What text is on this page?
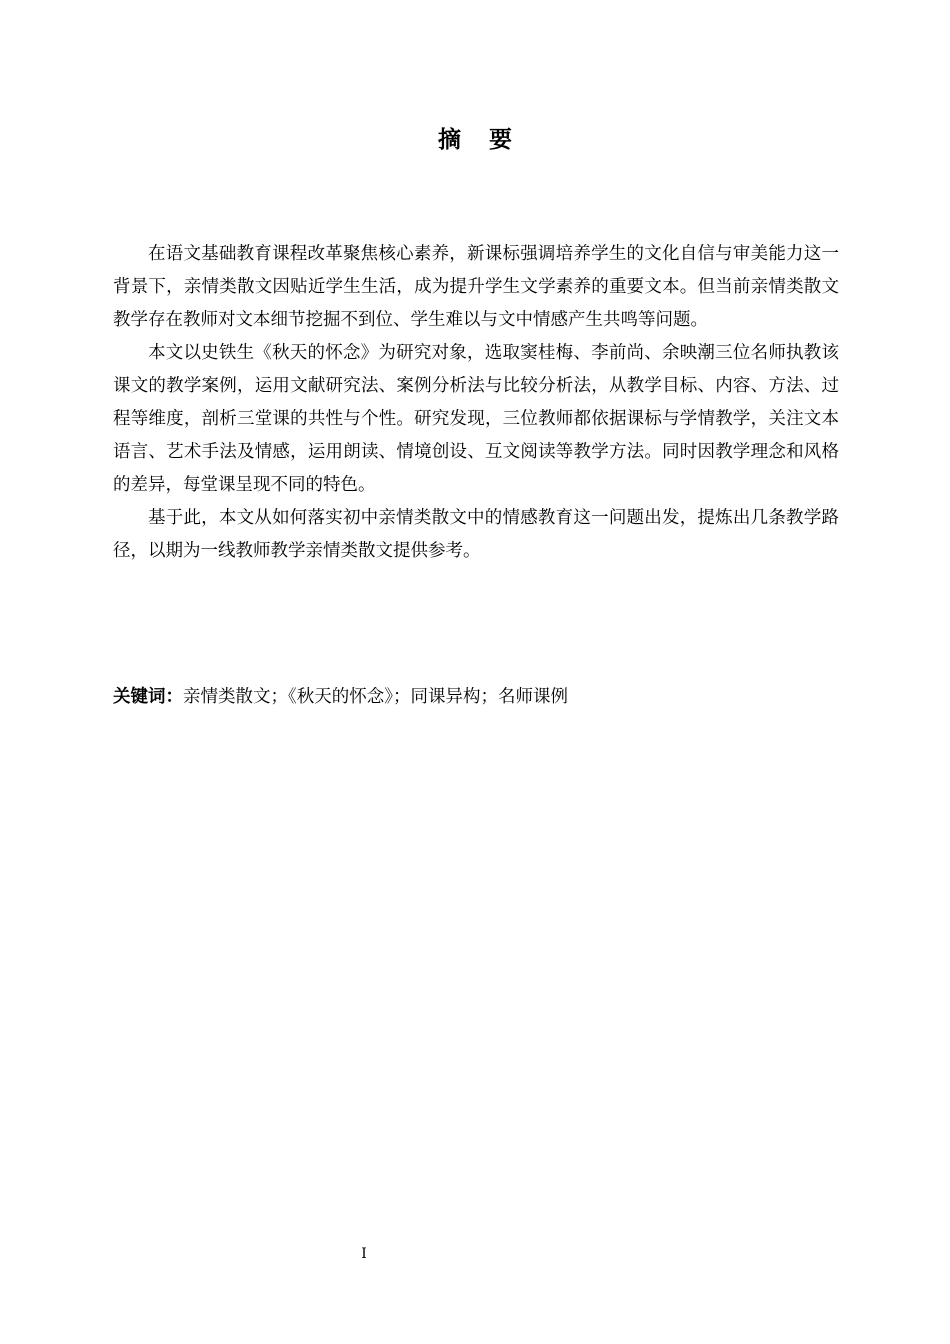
摘要

在语文基础教育课程改革聚焦核心素养，新课标强调培养学生的文化自信与审美能力这一背景下，亲情类散文因贴近学生生活，成为提升学生文学素养的重要文本。但当前亲情类散文教学存在教师对文本细节挖掘不到位、学生难以与文中情感产生共鸣等问题。

本文以史铁生《秋天的怀念》为研究对象，选取窦桂梅、李前尚、余映潮三位名师执教该课文的教学案例，运用文献研究法、案例分析法与比较分析法，从教学目标、内容、方法、过程等维度，剖析三堂课的共性与个性。研究发现，三位教师都依据课标与学情教学，关注文本语言、艺术手法及情感，运用朗读、情境创设、互文阅读等教学方法。同时因教学理念和风格的差异，每堂课呈现不同的特色。

基于此，本文从如何落实初中亲情类散文中的情感教育这一问题出发，提炼出几条教学路径，以期为一线教师教学亲情类散文提供参考。

关键词：亲情类散文；《秋天的怀念》；同课异构；名师课例
I
